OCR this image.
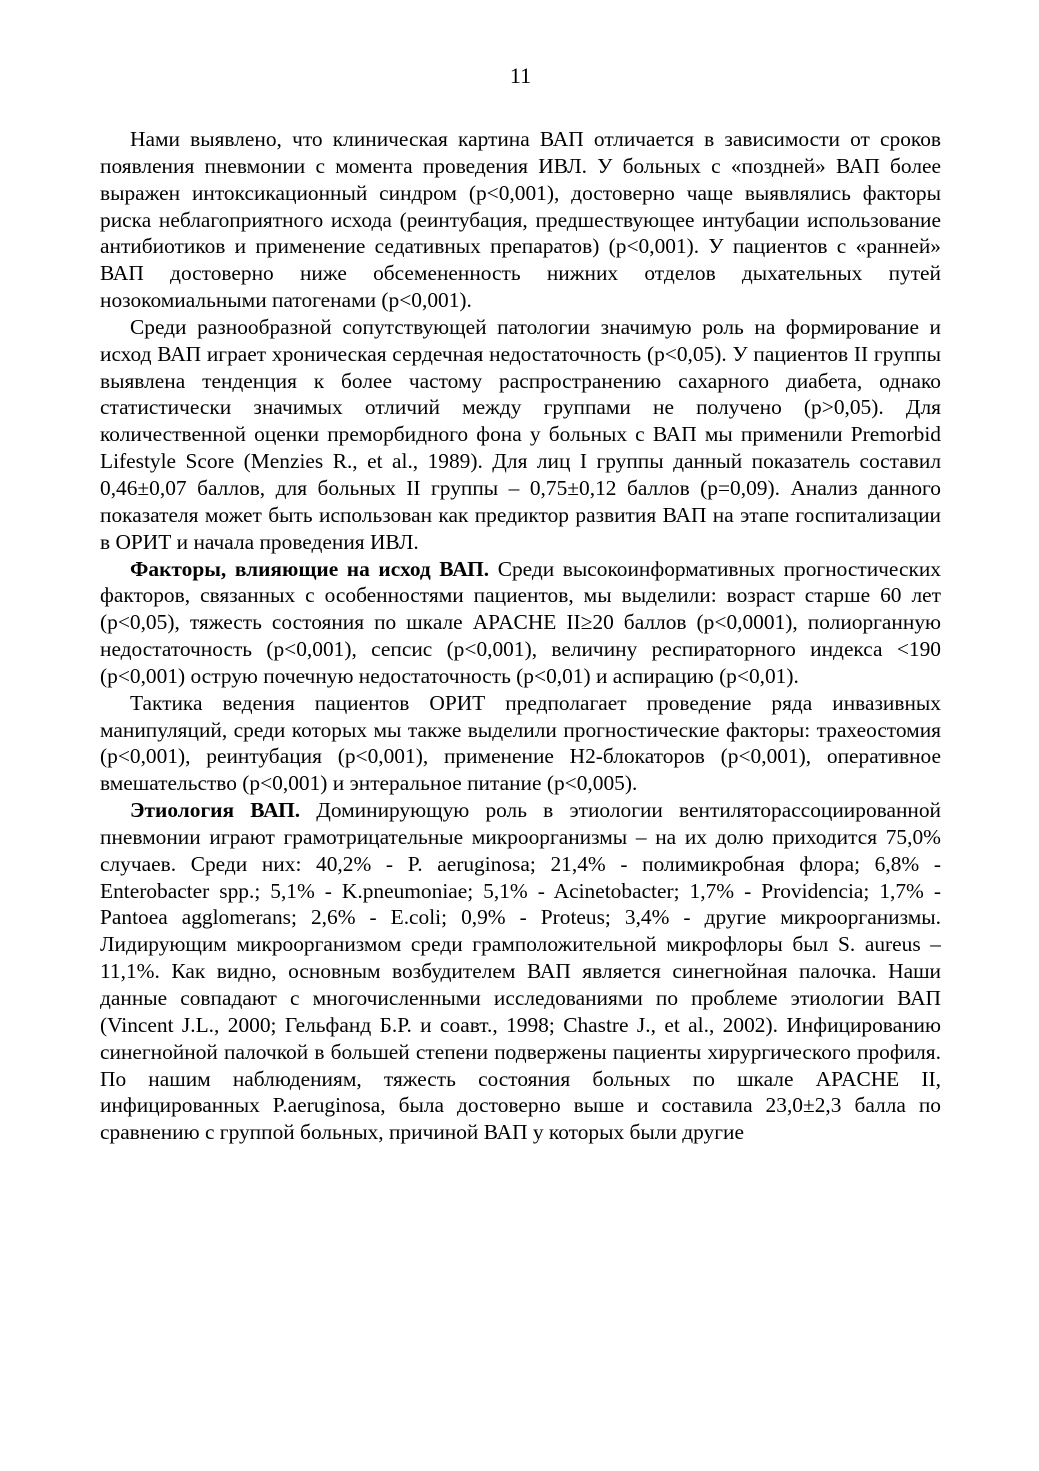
11

Нами выявлено, что клиническая картина ВАП отличается в зависимости от сроков появления пневмонии с момента проведения ИВЛ. У больных с «поздней» ВАП более выражен интоксикационный синдром (p<0,001), достоверно чаще выявлялись факторы риска неблагоприятного исхода (реинтубация, предшествующее интубации использование антибиотиков и применение седативных препаратов) (p<0,001). У пациентов с «ранней» ВАП достоверно ниже обсемененность нижних отделов дыхательных путей нозокомиальными патогенами (p<0,001).

Среди разнообразной сопутствующей патологии значимую роль на формирование и исход ВАП играет хроническая сердечная недостаточность (p<0,05). У пациентов II группы выявлена тенденция к более частому распространению сахарного диабета, однако статистически значимых отличий между группами не получено (p>0,05). Для количественной оценки преморбидного фона у больных с ВАП мы применили Premorbid Lifestyle Score (Menzies R., et al., 1989). Для лиц I группы данный показатель составил 0,46±0,07 баллов, для больных II группы – 0,75±0,12 баллов (p=0,09). Анализ данного показателя может быть использован как предиктор развития ВАП на этапе госпитализации в ОРИТ и начала проведения ИВЛ.

Факторы, влияющие на исход ВАП. Среди высокоинформативных прогностических факторов, связанных с особенностями пациентов, мы выделили: возраст старше 60 лет (p<0,05), тяжесть состояния по шкале APACHE II≥20 баллов (p<0,0001), полиорганную недостаточность (p<0,001), сепсис (p<0,001), величину респираторного индекса <190 (p<0,001) острую почечную недостаточность (p<0,01) и аспирацию (p<0,01).

Тактика ведения пациентов ОРИТ предполагает проведение ряда инвазивных манипуляций, среди которых мы также выделили прогностические факторы: трахеостомия (p<0,001), реинтубация (p<0,001), применение Н2-блокаторов (p<0,001), оперативное вмешательство (p<0,001) и энтеральное питание (p<0,005).

Этиология ВАП. Доминирующую роль в этиологии вентиляторассоциированной пневмонии играют грамотрицательные микроорганизмы – на их долю приходится 75,0% случаев. Среди них: 40,2% - P. aeruginosa; 21,4% - полимикробная флора; 6,8% - Enterobacter spp.; 5,1% - K.pneumoniae; 5,1% - Acinetobacter; 1,7% - Providencia; 1,7% - Pantoea agglomerans; 2,6% - E.coli; 0,9% - Proteus; 3,4% - другие микроорганизмы. Лидирующим микроорганизмом среди грамположительной микрофлоры был S. aureus – 11,1%. Как видно, основным возбудителем ВАП является синегнойная палочка. Наши данные совпадают с многочисленными исследованиями по проблеме этиологии ВАП (Vincent J.L., 2000; Гельфанд Б.Р. и соавт., 1998; Chastre J., et al., 2002). Инфицированию синегнойной палочкой в большей степени подвержены пациенты хирургического профиля. По нашим наблюдениям, тяжесть состояния больных по шкале APACHE II, инфицированных P.aeruginosa, была достоверно выше и составила 23,0±2,3 балла по сравнению с группой больных, причиной ВАП у которых были другие
